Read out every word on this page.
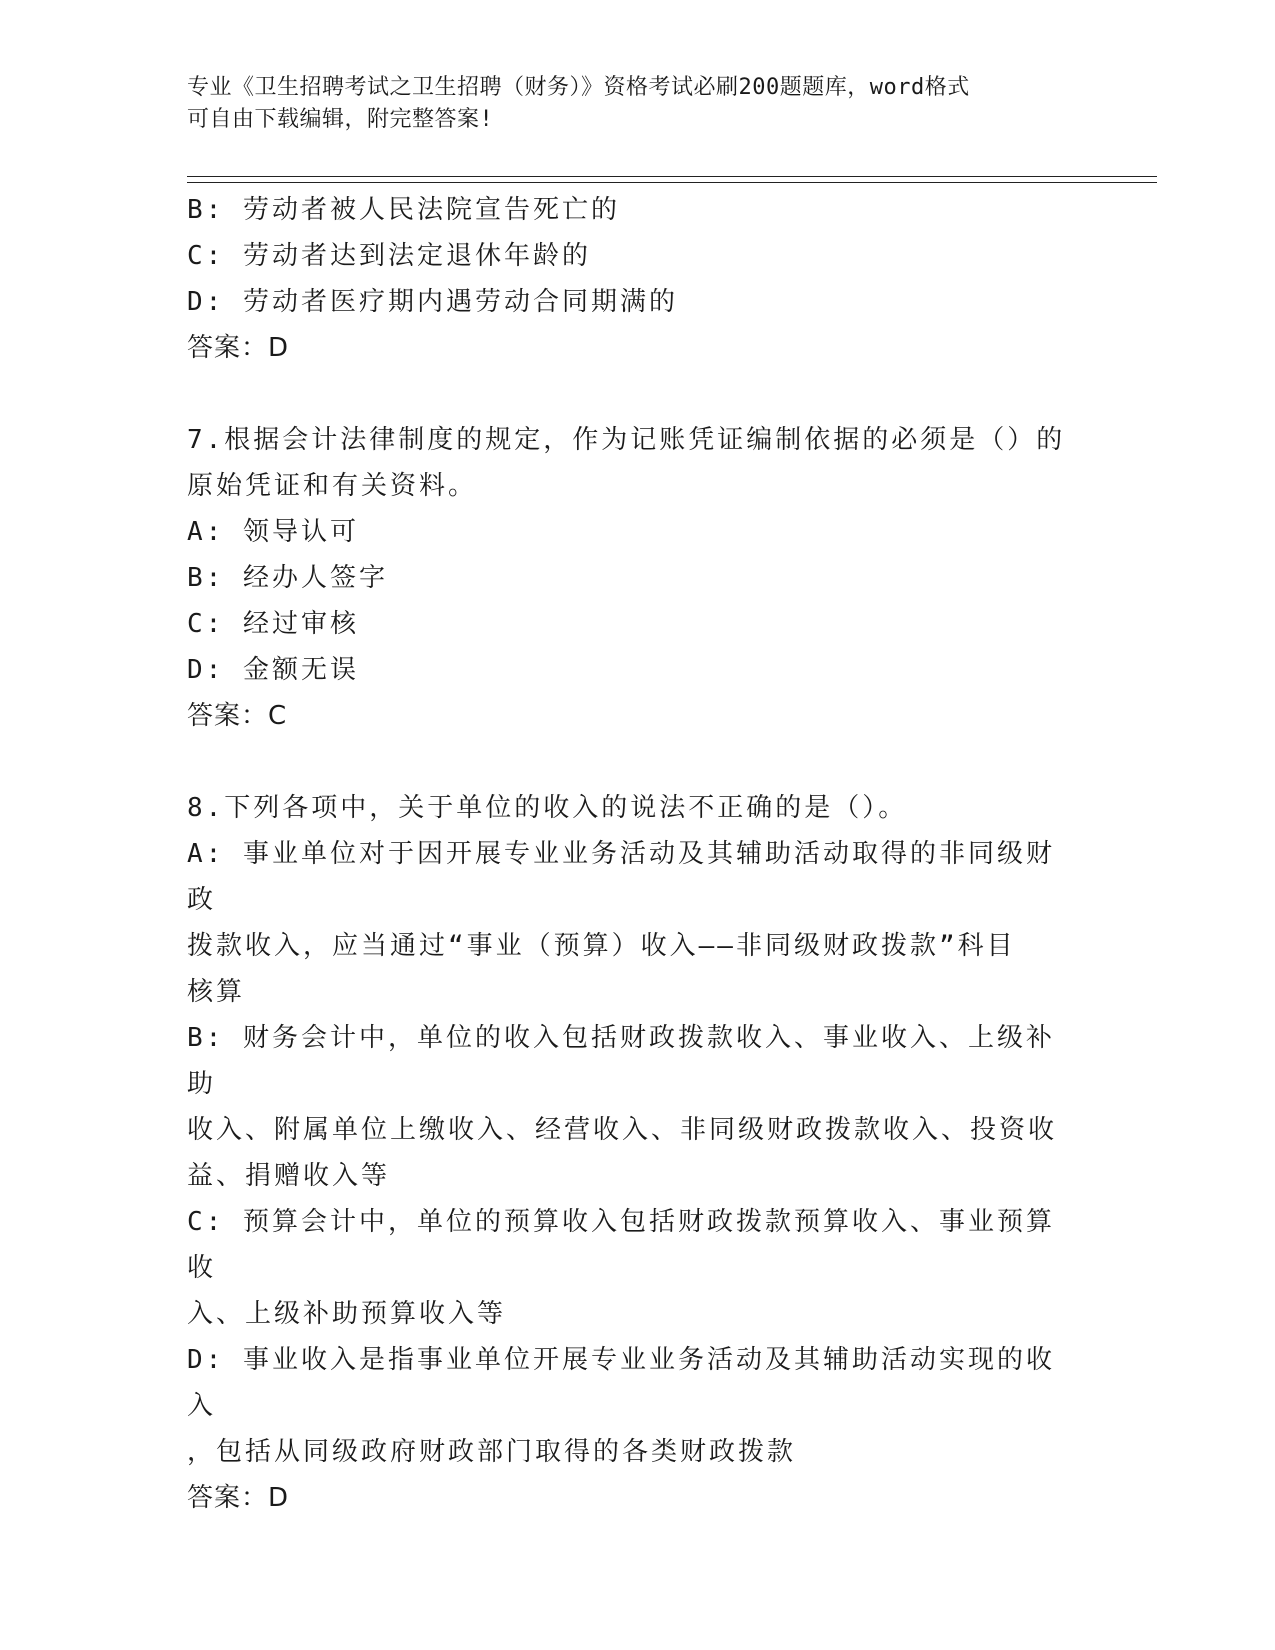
专业《卫生招聘考试之卫生招聘（财务）》资格考试必刷200题题库，word格式
可自由下载编辑，附完整答案!
B: 劳动者被人民法院宣告死亡的
C: 劳动者达到法定退休年龄的
D: 劳动者医疗期内遇劳动合同期满的
答案：D
7.根据会计法律制度的规定，作为记账凭证编制依据的必须是（）的
原始凭证和有关资料。
A: 领导认可
B: 经办人签字
C: 经过审核
D: 金额无误
答案：C
8.下列各项中，关于单位的收入的说法不正确的是（）。
A: 事业单位对于因开展专业业务活动及其辅助活动取得的非同级财政
拨款收入，应当通过“事业（预算）收入——非同级财政拨款”科目
核算
B: 财务会计中，单位的收入包括财政拨款收入、事业收入、上级补助
收入、附属单位上缴收入、经营收入、非同级财政拨款收入、投资收
益、捐赠收入等
C: 预算会计中，单位的预算收入包括财政拨款预算收入、事业预算收
入、上级补助预算收入等
D: 事业收入是指事业单位开展专业业务活动及其辅助活动实现的收入
，包括从同级政府财政部门取得的各类财政拨款
答案：D
